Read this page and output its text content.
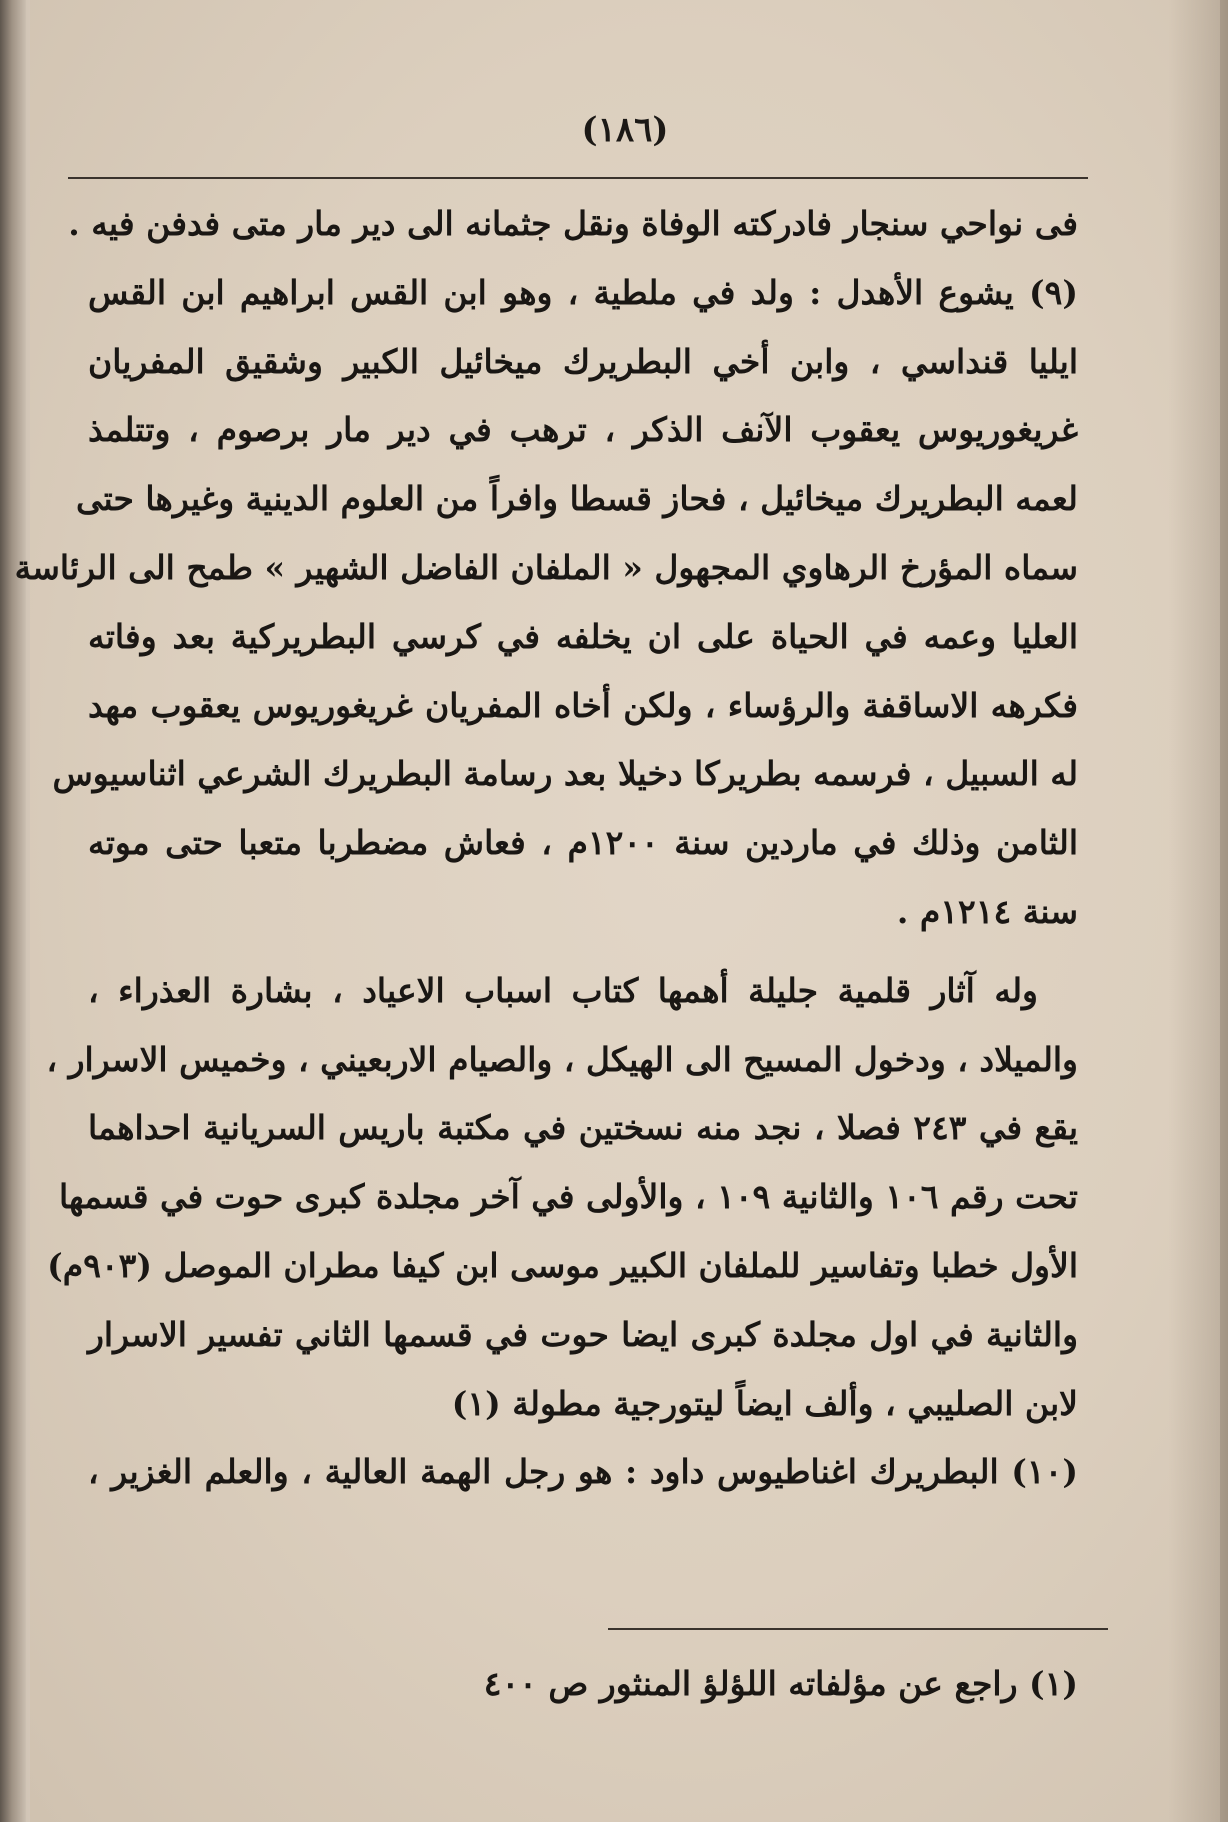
(١٨٦)
فی نواحي سنجار فادرکته الوفاة ونقل جثمانه الى دير مار متى فدفن فيه .
(٩) يشوع الأهدل : ولد في ملطية ، وهو ابن القس ابراهيم ابن القس
ايليا قنداسي ، وابن أخي البطريرك ميخائيل الكبير وشقيق المفريان
غريغوريوس يعقوب الآنف الذكر ، ترهب في دير مار برصوم ، وتتلمذ
لعمه البطريرك ميخائيل ، فحاز قسطا وافراً من العلوم الدينية وغيرها حتى
سماه المؤرخ الرهاوي المجهول « الملفان الفاضل الشهير » طمح الى الرئاسة
العليا وعمه في الحياة على ان يخلفه في كرسي البطريركية بعد وفاته
فكرهه الاساقفة والرؤساء ، ولكن أخاه المفريان غريغوريوس يعقوب مهد
له السبيل ، فرسمه بطريركا دخيلا بعد رسامة البطريرك الشرعي اثناسيوس
الثامن وذلك في ماردين سنة ١٢٠٠م ، فعاش مضطربا متعبا حتى موته
سنة ١٢١٤م .
وله آثار قلمية جليلة أهمها كتاب اسباب الاعياد ، بشارة العذراء ،
والميلاد ، ودخول المسيح الى الهيكل ، والصيام الاربعيني ، وخميس الاسرار ،
يقع في ٢٤٣ فصلا ، نجد منه نسختين في مكتبة باريس السريانية احداهما
تحت رقم ١٠٦ والثانية ١٠٩ ، والأولى في آخر مجلدة كبرى حوت في قسمها
الأول خطبا وتفاسير للملفان الكبير موسى ابن كيفا مطران الموصل (٩٠٣م)
والثانية في اول مجلدة كبرى ايضا حوت في قسمها الثاني تفسير الاسرار
لابن الصليبي ، وألف ايضاً ليتورجية مطولة (١)
(١٠) البطريرك اغناطيوس داود : هو رجل الهمة العالية ، والعلم الغزير ،
(١) راجع عن مؤلفاته اللؤلؤ المنثور ص ٤٠٠
